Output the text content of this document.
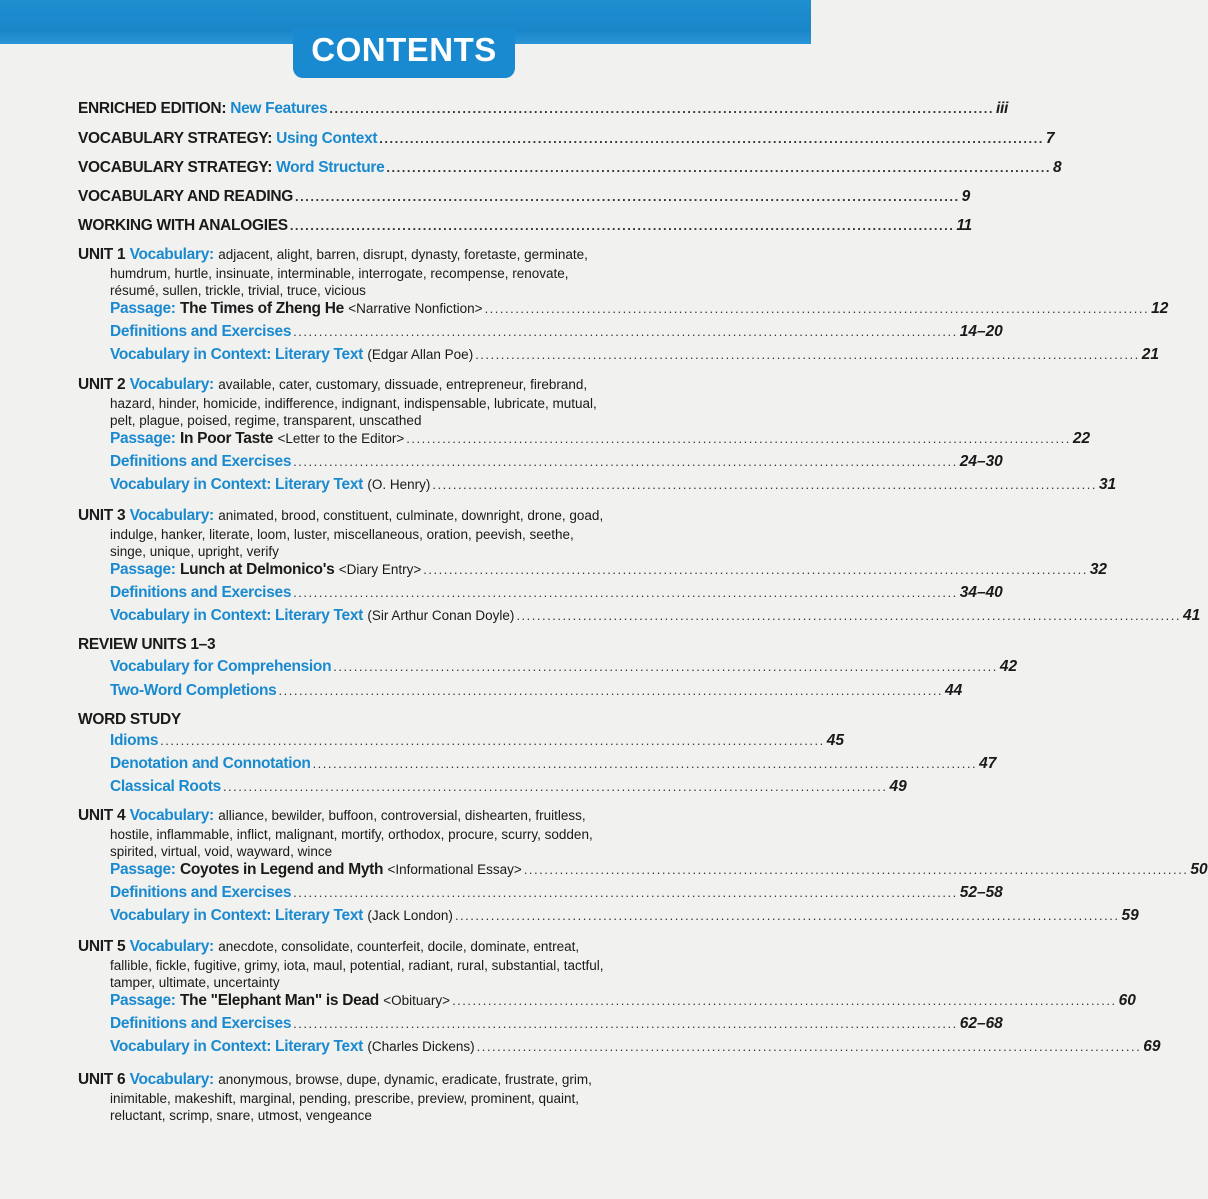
CONTENTS
ENRICHED EDITION: New Features .................................................................................................................................. iii
VOCABULARY STRATEGY: Using Context .................................................................................................................................. 7
VOCABULARY STRATEGY: Word Structure .................................................................................................................................. 8
VOCABULARY AND READING .................................................................................................................................. 9
WORKING WITH ANALOGIES .................................................................................................................................. 11
UNIT 1 Vocabulary: adjacent, alight, barren, disrupt, dynasty, foretaste, germinate,
humdrum, hurtle, insinuate, interminable, interrogate, recompense, renovate,
résumé, sullen, trickle, trivial, truce, vicious
Passage: The Times of Zheng He <Narrative Nonfiction> .................................................................................................................................. 12
Definitions and Exercises .................................................................................................................................. 14–20
Vocabulary in Context: Literary Text (Edgar Allan Poe) .................................................................................................................................. 21
UNIT 2 Vocabulary: available, cater, customary, dissuade, entrepreneur, firebrand,
hazard, hinder, homicide, indifference, indignant, indispensable, lubricate, mutual,
pelt, plague, poised, regime, transparent, unscathed
Passage: In Poor Taste <Letter to the Editor> .................................................................................................................................. 22
Definitions and Exercises .................................................................................................................................. 24–30
Vocabulary in Context: Literary Text (O. Henry) .................................................................................................................................. 31
UNIT 3 Vocabulary: animated, brood, constituent, culminate, downright, drone, goad,
indulge, hanker, literate, loom, luster, miscellaneous, oration, peevish, seethe,
singe, unique, upright, verify
Passage: Lunch at Delmonico's <Diary Entry> .................................................................................................................................. 32
Definitions and Exercises .................................................................................................................................. 34–40
Vocabulary in Context: Literary Text (Sir Arthur Conan Doyle) .................................................................................................................................. 41
REVIEW UNITS 1–3
Vocabulary for Comprehension .................................................................................................................................. 42
Two-Word Completions .................................................................................................................................. 44
WORD STUDY
Idioms .................................................................................................................................. 45
Denotation and Connotation .................................................................................................................................. 47
Classical Roots .................................................................................................................................. 49
UNIT 4 Vocabulary: alliance, bewilder, buffoon, controversial, dishearten, fruitless,
hostile, inflammable, inflict, malignant, mortify, orthodox, procure, scurry, sodden,
spirited, virtual, void, wayward, wince
Passage: Coyotes in Legend and Myth <Informational Essay> .................................................................................................................................. 50
Definitions and Exercises .................................................................................................................................. 52–58
Vocabulary in Context: Literary Text (Jack London) .................................................................................................................................. 59
UNIT 5 Vocabulary: anecdote, consolidate, counterfeit, docile, dominate, entreat,
fallible, fickle, fugitive, grimy, iota, maul, potential, radiant, rural, substantial, tactful,
tamper, ultimate, uncertainty
Passage: The "Elephant Man" is Dead <Obituary> .................................................................................................................................. 60
Definitions and Exercises .................................................................................................................................. 62–68
Vocabulary in Context: Literary Text (Charles Dickens) .................................................................................................................................. 69
UNIT 6 Vocabulary: anonymous, browse, dupe, dynamic, eradicate, frustrate, grim,
inimitable, makeshift, marginal, pending, prescribe, preview, prominent, quaint,
reluctant, scrimp, snare, utmost, vengeance
